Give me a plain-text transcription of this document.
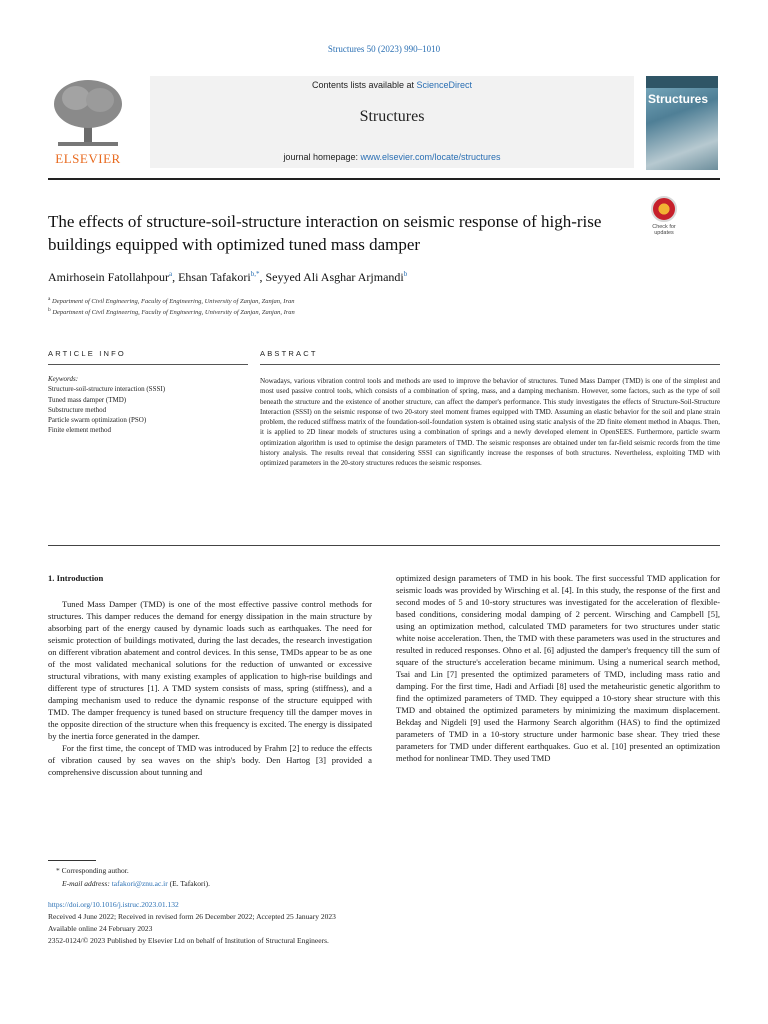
Structures 50 (2023) 990–1010
ELSEVIER
Contents lists available at ScienceDirect
Structures
journal homepage: www.elsevier.com/locate/structures
Structures
The effects of structure-soil-structure interaction on seismic response of high-rise buildings equipped with optimized tuned mass damper
Check for updates
Amirhosein Fatollahpour$^a$, Ehsan Tafakori$^{b,*}$, Seyyed Ali Asghar Arjmandi$^b$
$^a$ Department of Civil Engineering, Faculty of Engineering, University of Zanjan, Zanjan, Iran
$^b$ Department of Civil Engineering, Faculty of Engineering, University of Zanjan, Zanjan, Iran
ARTICLE INFO	ABSTRACT
Keywords:
Structure-soil-structure interaction (SSSI)
Tuned mass damper (TMD)
Substructure method
Particle swarm optimization (PSO)
Finite element method
Nowadays, various vibration control tools and methods are used to improve the behavior of structures. Tuned Mass Damper (TMD) is one of the simplest and most used passive control tools, which consists of a combination of spring, mass, and a damping mechanism. However, some factors, such as the type of soil beneath the structure and the existence of another structure, can affect the damper's performance. This study investigates the effects of Structure-Soil-Structure Interaction (SSSI) on the seismic response of two 20-story steel moment frames equipped with TMD. Assuming an elastic behavior for the soil and plane strain problem, the reduced stiffness matrix of the foundation-soil-foundation system is obtained using static analysis of the 2D finite element method in Abaqus. Then, it is applied to 2D linear models of structures using a combination of springs and a newly developed element in OpenSEES. Furthermore, particle swarm optimization algorithm is used to optimise the design parameters of TMD. The seismic responses are obtained under ten far-field seismic records from the time history analysis. The results reveal that considering SSSI can significantly increase the responses of both structures. Nevertheless, exploiting TMD with optimized parameters in the 20-story structures reduces the seismic responses.

1. Introduction

Tuned Mass Damper (TMD) is one of the most effective passive control methods for structures. This damper reduces the demand for energy dissipation in the main structure by absorbing part of the energy caused by dynamic loads such as earthquakes. The need for seismic protection of buildings motivated, during the last decades, the research investigation on different vibration abatement and control devices. In this sense, TMDs appear to be as one of the most validated mechanical solutions for the reduction of unwanted or excessive structural vibrations, with many existing examples of application to high-rise buildings and different type of structures [1]. A TMD system consists of mass, spring (stiffness), and a damping mechanism used to reduce the dynamic response of the structure equipped with TMD. The damper frequency is tuned based on structure frequency till the damper moves in the opposite direction of the structure when this frequency is excited. The energy is dissipated by the inertia force generated in the damper.

For the first time, the concept of TMD was introduced by Frahm [2] to reduce the effects of vibration caused by sea waves on the ship's body. Den Hartog [3] provided a comprehensive discussion about tunning and

optimized design parameters of TMD in his book. The first successful TMD application for seismic loads was provided by Wirsching et al. [4]. In this study, the response of the first and second modes of 5 and 10-story structures was investigated for the acceleration of flexible-based conditions, considering modal damping of 2 percent. Wirsching and Campbell [5], using an optimization method, calculated TMD parameters for two structures under static white noise acceleration. Then, the TMD with these parameters was used in the structures and resulted in reduced responses. Ohno et al. [6] adjusted the damper's frequency till the sum of square of the structure's acceleration became minimum. Using a numerical search method, Tsai and Lin [7] presented the optimized parameters of TMD, including mass ratio and damping. For the first time, Hadi and Arfiadi [8] used the metaheuristic genetic algorithm to find the optimized parameters of TMD. They equipped a 10-story shear structure with this TMD and obtained the optimized parameters by minimizing the maximum displacement. Bekdaş and Nigdeli [9] used the Harmony Search algorithm (HAS) to find the optimized parameters of TMD in a 10-story structure under harmonic base shear. They tried these parameters for TMD under different earthquakes. Guo et al. [10] presented an optimization method for nonlinear TMD. They used TMD

* Corresponding author.
E-mail address: tafakori@znu.ac.ir (E. Tafakori).
https://doi.org/10.1016/j.istruc.2023.01.132
Received 4 June 2022; Received in revised form 26 December 2022; Accepted 25 January 2023
Available online 24 February 2023
2352-0124/© 2023 Published by Elsevier Ltd on behalf of Institution of Structural Engineers.
